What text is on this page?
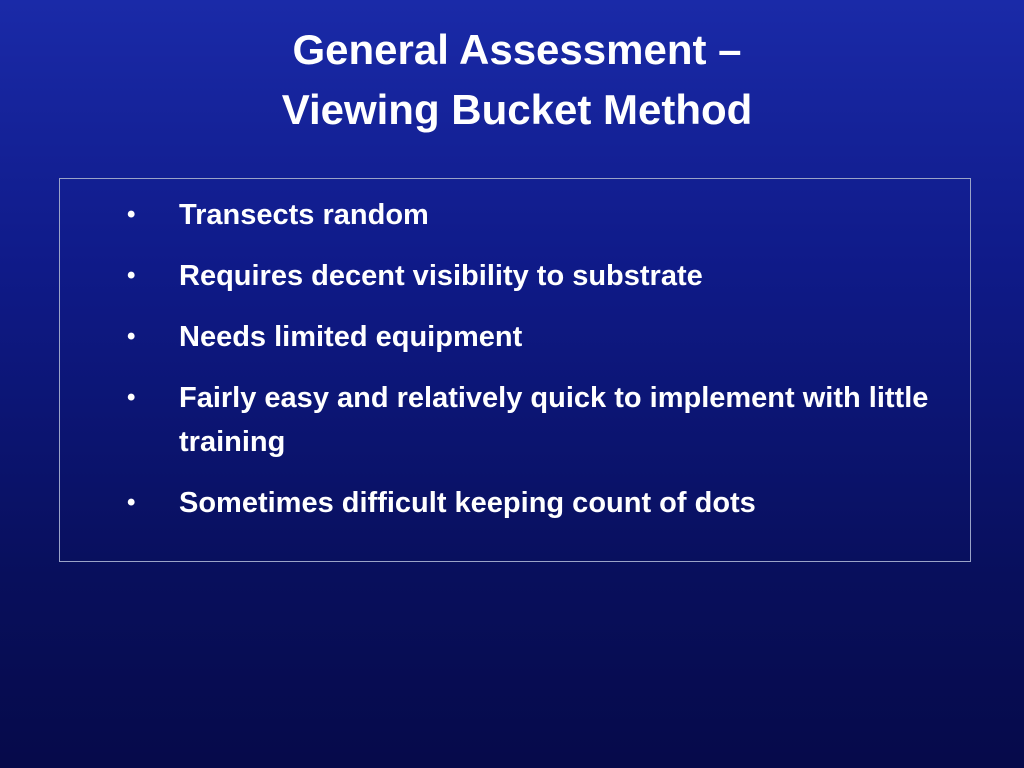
General Assessment –
Viewing Bucket Method
• Transects random
• Requires decent visibility to substrate
• Needs limited equipment
• Fairly easy and relatively quick to implement with little training
• Sometimes difficult keeping count of dots
